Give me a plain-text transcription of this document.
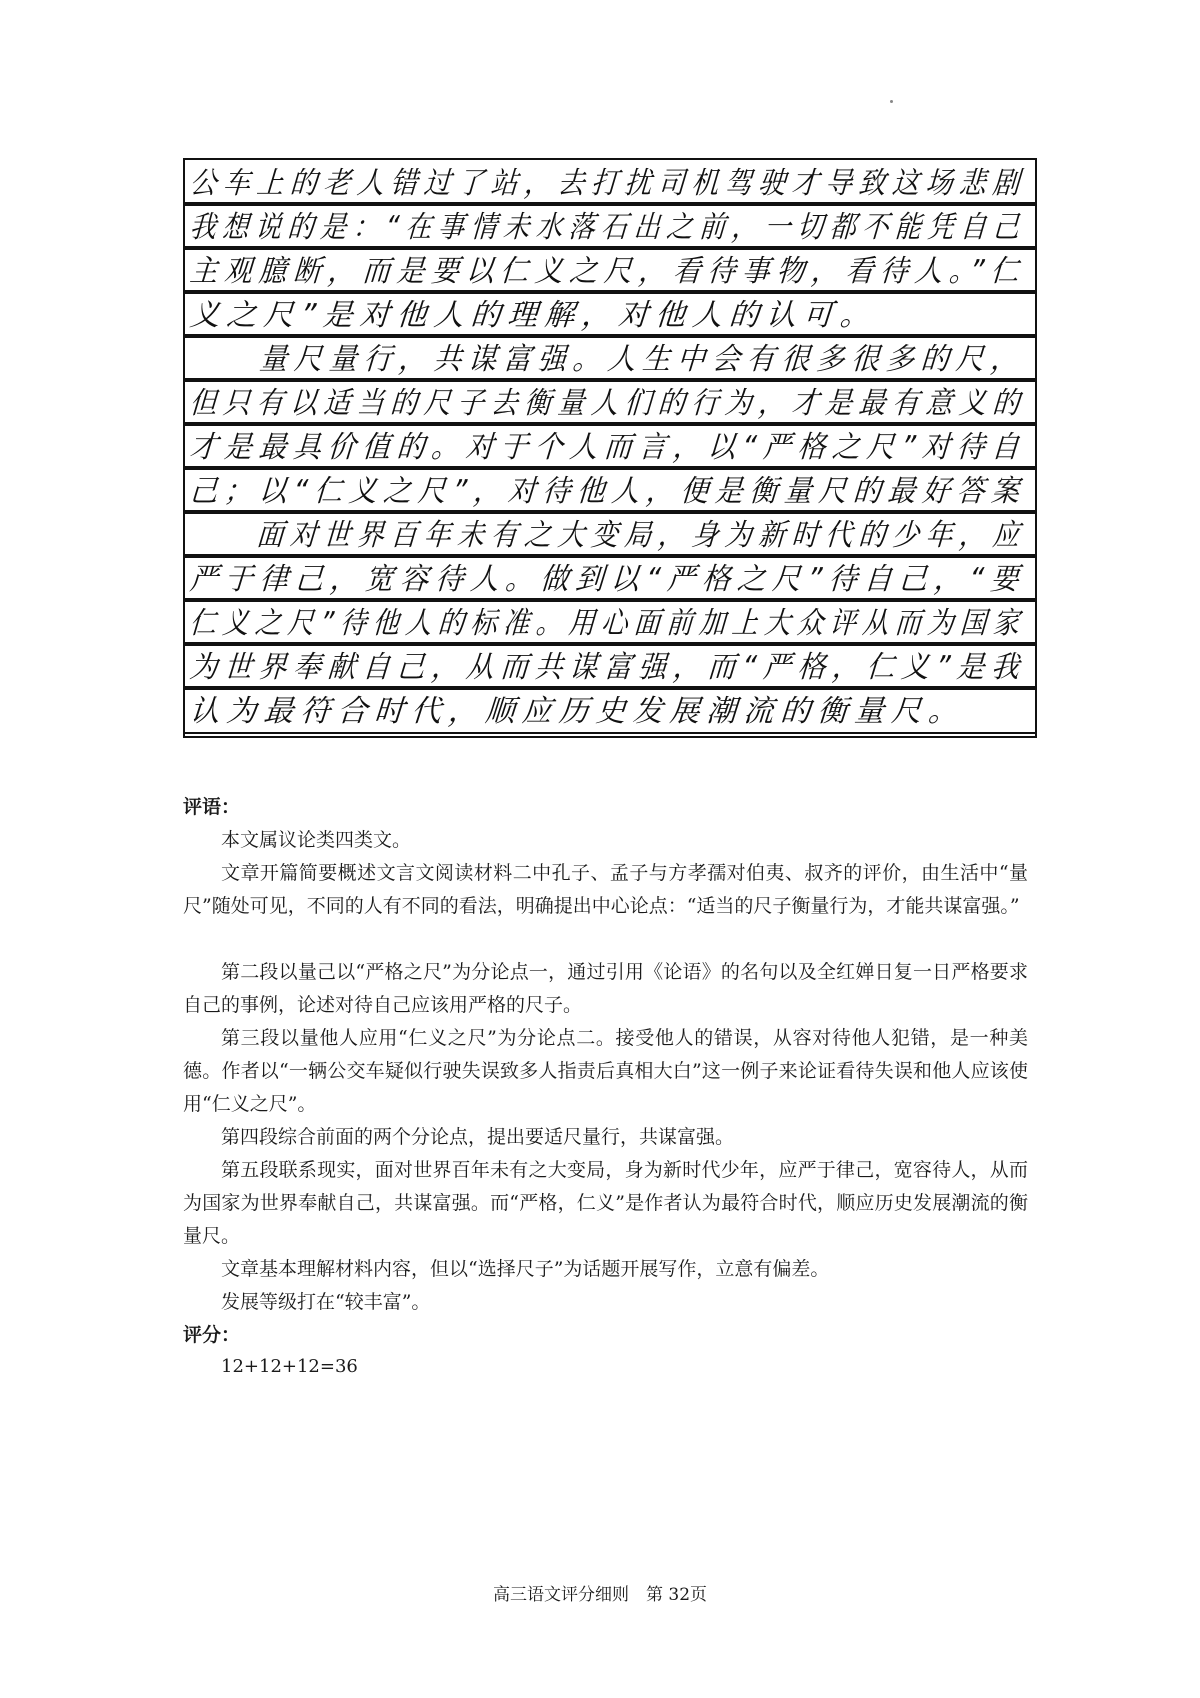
公车上的老人错过了站，去打扰司机驾驶才导致这场悲剧
我想说的是：“在事情未水落石出之前，一切都不能凭自己
主观臆断，而是要以仁义之尺，看待事物，看待人。”仁
义之尺”是对他人的理解，对他人的认可。
　　量尺量行，共谋富强。人生中会有很多很多的尺，
但只有以适当的尺子去衡量人们的行为，才是最有意义的
才是最具价值的。对于个人而言，以“严格之尺”对待自
己；以“仁义之尺”，对待他人，便是衡量尺的最好答案
　　面对世界百年未有之大变局，身为新时代的少年，应
严于律己，宽容待人。做到以“严格之尺”待自己，“要
仁义之尺”待他人的标准。用心面前加上大众评从而为国家
为世界奉献自己，从而共谋富强，而“严格，仁义”是我
认为最符合时代，顺应历史发展潮流的衡量尺。
评语：
本文属议论类四类文。
文章开篇简要概述文言文阅读材料二中孔子、孟子与方孝孺对伯夷、叔齐的评价，由生活中“量尺”随处可见，不同的人有不同的看法，明确提出中心论点：“适当的尺子衡量行为，才能共谋富强。”
第二段以量己以“严格之尺”为分论点一，通过引用《论语》的名句以及全红婵日复一日严格要求自己的事例，论述对待自己应该用严格的尺子。
第三段以量他人应用“仁义之尺”为分论点二。接受他人的错误，从容对待他人犯错，是一种美德。作者以“一辆公交车疑似行驶失误致多人指责后真相大白”这一例子来论证看待失误和他人应该使用“仁义之尺”。
第四段综合前面的两个分论点，提出要适尺量行，共谋富强。
第五段联系现实，面对世界百年未有之大变局，身为新时代少年，应严于律己，宽容待人，从而为国家为世界奉献自己，共谋富强。而“严格，仁义”是作者认为最符合时代，顺应历史发展潮流的衡量尺。
文章基本理解材料内容，但以“选择尺子”为话题开展写作，立意有偏差。
发展等级打在“较丰富”。
评分：
12+12+12=36
高三语文评分细则　第 32页
